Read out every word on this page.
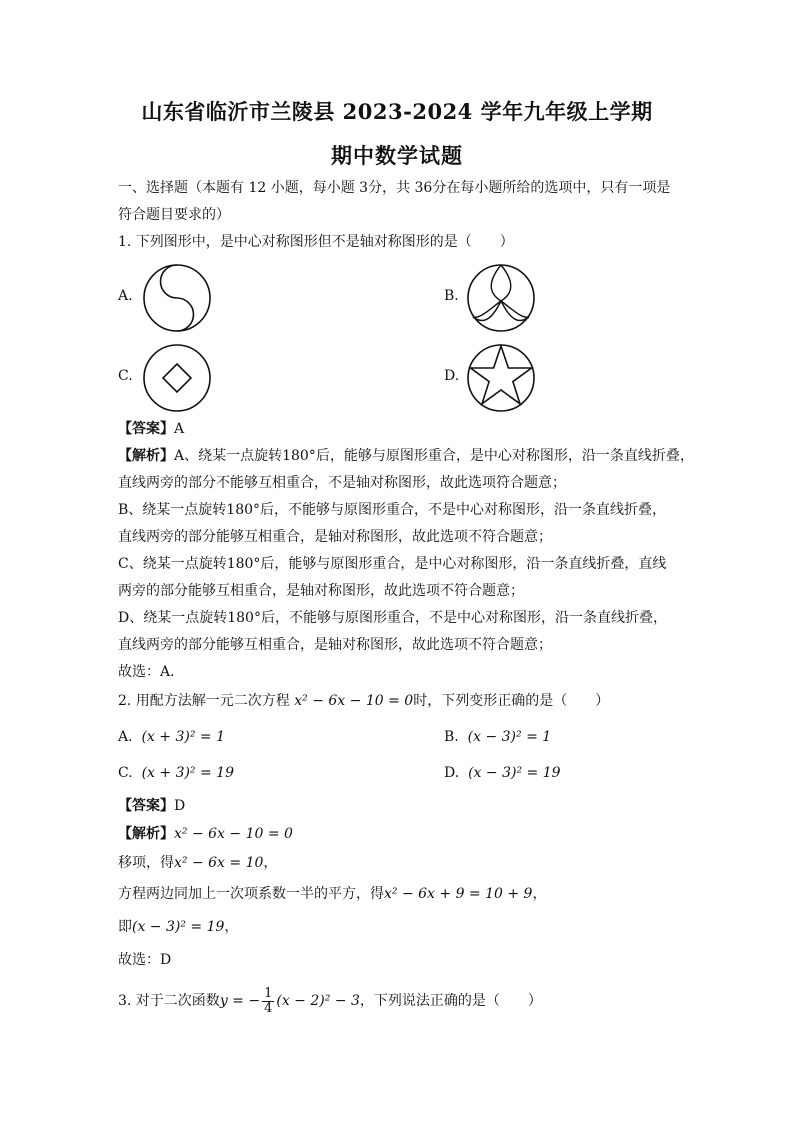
山东省临沂市兰陵县 2023-2024 学年九年级上学期
期中数学试题
一、选择题（本题有 12 小题，每小题 3分，共 36分在每小题所给的选项中，只有一项是
符合题目要求的）
1. 下列图形中，是中心对称图形但不是轴对称图形的是（　　）
A.	B.
C.	D.
【答案】A
【解析】A、绕某一点旋转180°后，能够与原图形重合，是中心对称图形，沿一条直线折叠，
直线两旁的部分不能够互相重合，不是轴对称图形，故此选项符合题意；
B、绕某一点旋转180°后，不能够与原图形重合，不是中心对称图形，沿一条直线折叠，
直线两旁的部分能够互相重合，是轴对称图形，故此选项不符合题意；
C、绕某一点旋转180°后，能够与原图形重合，是中心对称图形，沿一条直线折叠，直线
两旁的部分能够互相重合，是轴对称图形，故此选项不符合题意；
D、绕某一点旋转180°后，不能够与原图形重合，不是中心对称图形，沿一条直线折叠，
直线两旁的部分能够互相重合，是轴对称图形，故此选项不符合题意；
故选：A．
2. 用配方法解一元二次方程 x² − 6x − 10 = 0时，下列变形正确的是（　　）
A. (x + 3)² = 1	B. (x − 3)² = 1
C. (x + 3)² = 19	D. (x − 3)² = 19
【答案】D
【解析】x² − 6x − 10 = 0
移项，得x² − 6x = 10，
方程两边同加上一次项系数一半的平方，得x² − 6x + 9 = 10 + 9，
即(x − 3)² = 19，
故选：D
3. 对于二次函数y = − $\frac{1}{4} (x - 2)^2 - 3$，下列说法正确的是（　　）
